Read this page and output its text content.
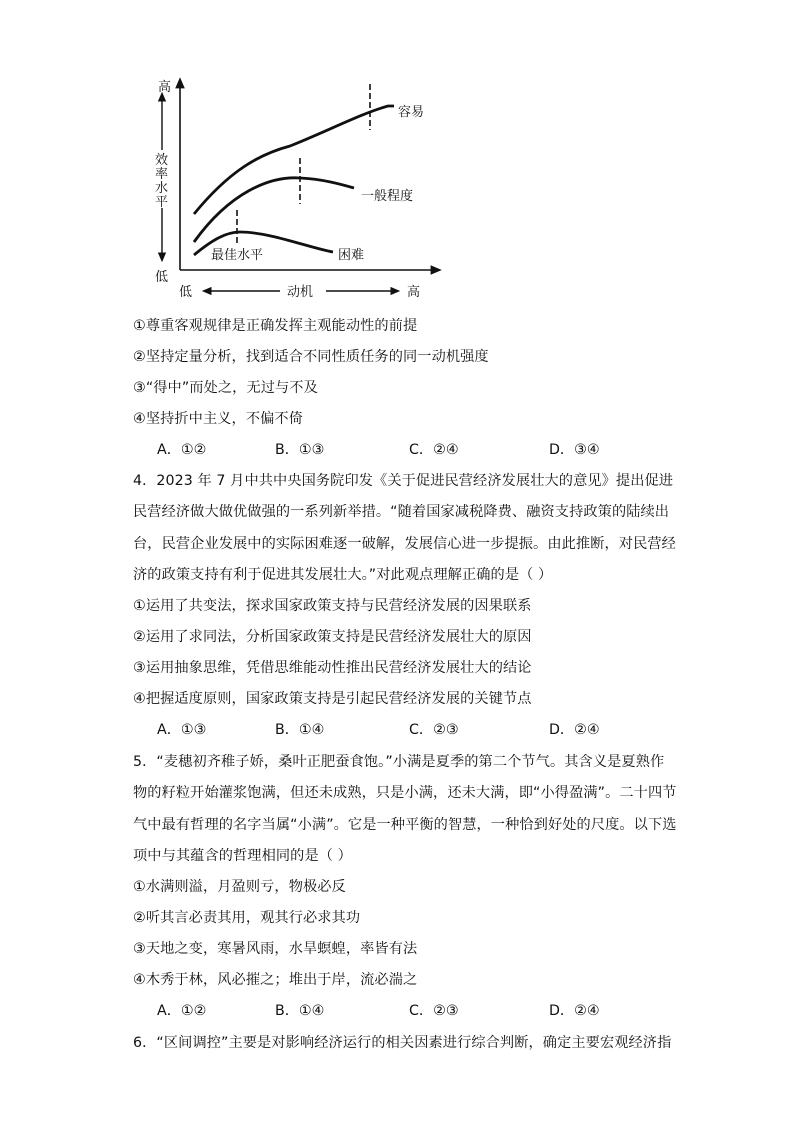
高
低
效
率
水
平
低	动机	高
容易
一般程度
困难
最佳水平
①尊重客观规律是正确发挥主观能动性的前提
②坚持定量分析，找到适合不同性质任务的同一动机强度
③“得中”而处之，无过与不及
④坚持折中主义，不偏不倚
A．①②	B．①③	C．②④	D．③④
4．2023 年 7 月中共中央国务院印发《关于促进民营经济发展壮大的意见》提出促进
民营经济做大做优做强的一系列新举措。“随着国家减税降费、融资支持政策的陆续出
台，民营企业发展中的实际困难逐一破解，发展信心进一步提振。由此推断，对民营经
济的政策支持有利于促进其发展壮大。”对此观点理解正确的是（ ）
①运用了共变法，探求国家政策支持与民营经济发展的因果联系
②运用了求同法，分析国家政策支持是民营经济发展壮大的原因
③运用抽象思维，凭借思维能动性推出民营经济发展壮大的结论
④把握适度原则，国家政策支持是引起民营经济发展的关键节点
A．①③	B．①④	C．②③	D．②④
5．“麦穗初齐稚子娇，桑叶正肥蚕食饱。”小满是夏季的第二个节气。其含义是夏熟作
物的籽粒开始灌浆饱满，但还未成熟，只是小满，还未大满，即“小得盈满”。二十四节
气中最有哲理的名字当属“小满”。它是一种平衡的智慧，一种恰到好处的尺度。以下选
项中与其蕴含的哲理相同的是（ ）
①水满则溢，月盈则亏，物极必反
②听其言必责其用，观其行必求其功
③天地之变，寒暑风雨，水旱螟蝗，率皆有法
④木秀于林，风必摧之；堆出于岸，流必湍之
A．①②	B．①④	C．②③	D．②④
6．“区间调控”主要是对影响经济运行的相关因素进行综合判断，确定主要宏观经济指
